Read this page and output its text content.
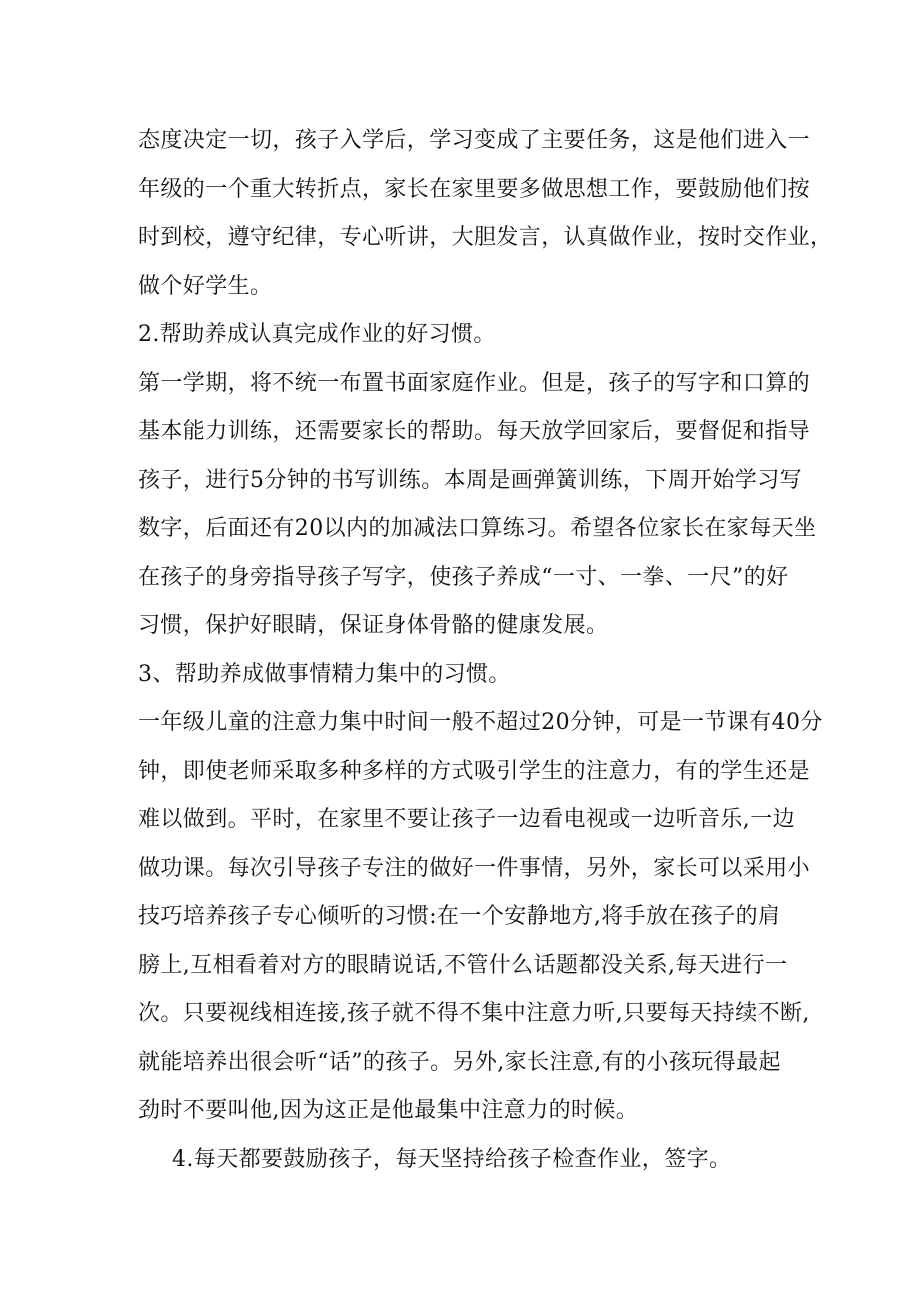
态度决定一切，孩子入学后，学习变成了主要任务，这是他们进入一
年级的一个重大转折点，家长在家里要多做思想工作，要鼓励他们按
时到校，遵守纪律，专心听讲，大胆发言，认真做作业，按时交作业，
做个好学生。
2.帮助养成认真完成作业的好习惯。
第一学期，将不统一布置书面家庭作业。但是，孩子的写字和口算的
基本能力训练，还需要家长的帮助。每天放学回家后，要督促和指导
孩子，进行5分钟的书写训练。本周是画弹簧训练，下周开始学习写
数字，后面还有20以内的加减法口算练习。希望各位家长在家每天坐
在孩子的身旁指导孩子写字，使孩子养成“一寸、一拳、一尺”的好
习惯，保护好眼睛，保证身体骨骼的健康发展。
3、帮助养成做事情精力集中的习惯。
一年级儿童的注意力集中时间一般不超过20分钟，可是一节课有40分
钟，即使老师采取多种多样的方式吸引学生的注意力，有的学生还是
难以做到。平时，在家里不要让孩子一边看电视或一边听音乐,一边
做功课。每次引导孩子专注的做好一件事情，另外，家长可以采用小
技巧培养孩子专心倾听的习惯:在一个安静地方,将手放在孩子的肩
膀上,互相看着对方的眼睛说话,不管什么话题都没关系,每天进行一
次。只要视线相连接,孩子就不得不集中注意力听,只要每天持续不断,
就能培养出很会听“话”的孩子。另外,家长注意,有的小孩玩得最起
劲时不要叫他,因为这正是他最集中注意力的时候。
4.每天都要鼓励孩子，每天坚持给孩子检查作业，签字。
